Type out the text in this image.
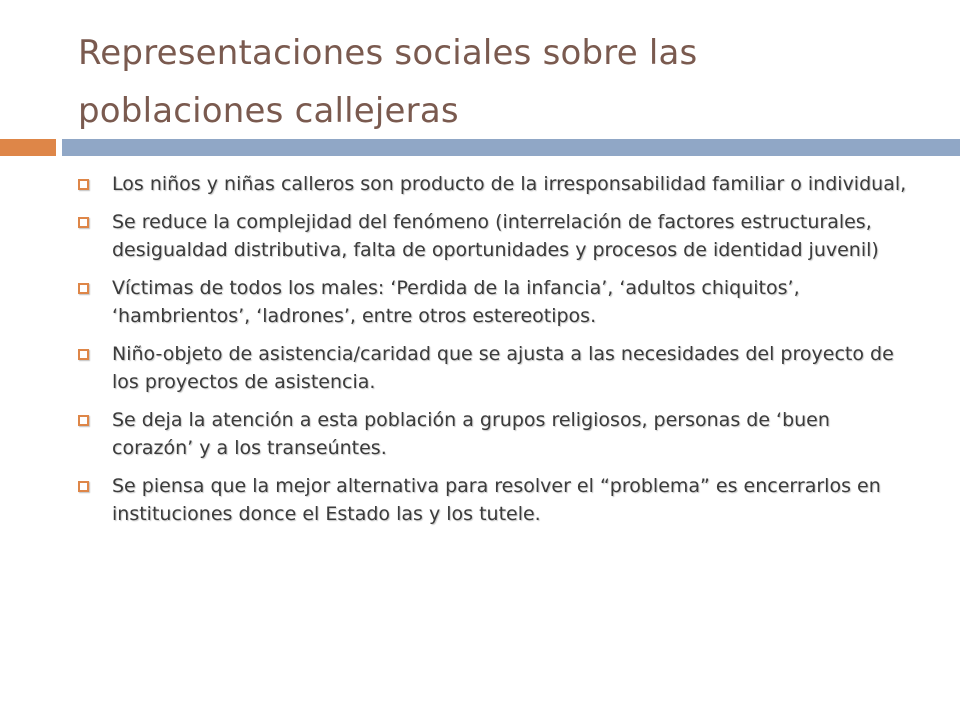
Representaciones sociales sobre las poblaciones callejeras
Los niños y niñas calleros son producto de la irresponsabilidad familiar o individual,
Se reduce la complejidad del fenómeno (interrelación de factores estructurales, desigualdad distributiva, falta de oportunidades y procesos de identidad juvenil)
Víctimas de todos los males: ‘Perdida de la infancia’, ‘adultos chiquitos’, ‘hambrientos’, ‘ladrones’, entre otros estereotipos.
Niño-objeto de asistencia/caridad que se ajusta a las necesidades del proyecto de los proyectos de asistencia.
Se deja la atención a esta población a grupos religiosos, personas de ‘buen corazón’ y a los transeúntes.
Se piensa que la mejor alternativa para resolver el “problema” es encerrarlos en instituciones donce el Estado las y los tutele.
